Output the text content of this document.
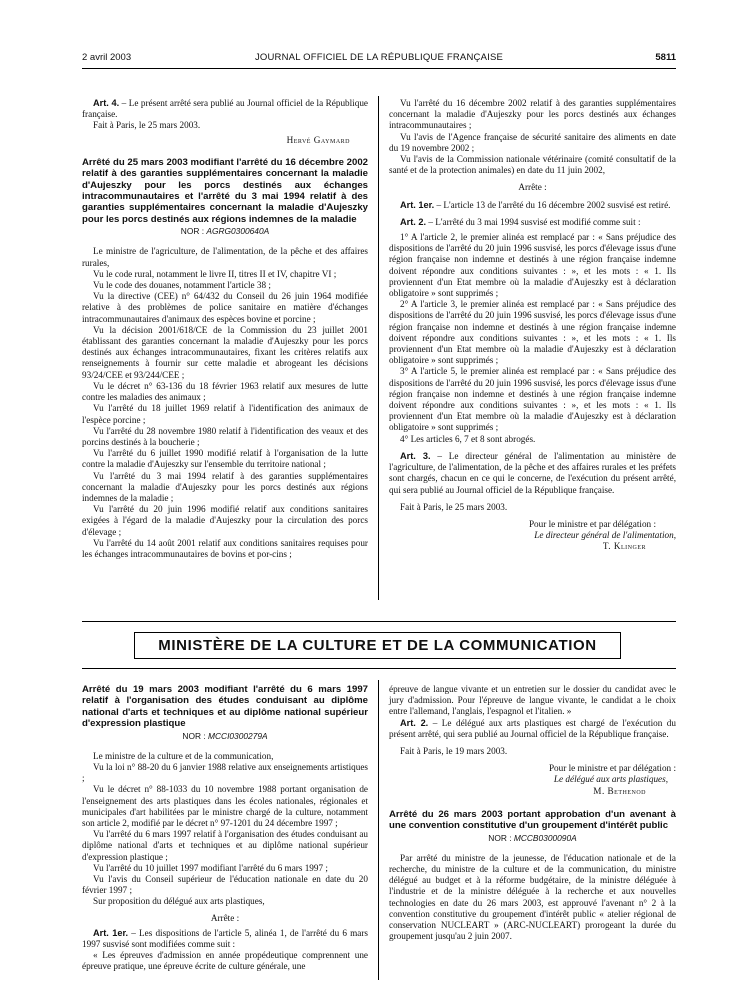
2 avril 2003	JOURNAL OFFICIEL DE LA RÉPUBLIQUE FRANÇAISE	5811

Art. 4. – Le présent arrêté sera publié au Journal officiel de la République française.

Fait à Paris, le 25 mars 2003.

Hervé Gaymard

Arrêté du 25 mars 2003 modifiant l'arrêté du 16 décembre 2002 relatif à des garanties supplémentaires concernant la maladie d'Aujeszky pour les porcs destinés aux échanges intracommunautaires et l'arrêté du 3 mai 1994 relatif à des garanties supplémentaires concernant la maladie d'Aujeszky pour les porcs destinés aux régions indemnes de la maladie
NOR : AGRG0300640A

Le ministre de l'agriculture, de l'alimentation, de la pêche et des affaires rurales,

Vu le code rural, notamment le livre II, titres II et IV, chapitre VI ;

Vu le code des douanes, notamment l'article 38 ;

Vu la directive (CEE) n° 64/432 du Conseil du 26 juin 1964 modifiée relative à des problèmes de police sanitaire en matière d'échanges intracommunautaires d'animaux des espèces bovine et porcine ;

Vu la décision 2001/618/CE de la Commission du 23 juillet 2001 établissant des garanties concernant la maladie d'Aujeszky pour les porcs destinés aux échanges intracommunautaires, fixant les critères relatifs aux renseignements à fournir sur cette maladie et abrogeant les décisions 93/24/CEE et 93/244/CEE ;

Vu le décret n° 63-136 du 18 février 1963 relatif aux mesures de lutte contre les maladies des animaux ;

Vu l'arrêté du 18 juillet 1969 relatif à l'identification des animaux de l'espèce porcine ;

Vu l'arrêté du 28 novembre 1980 relatif à l'identification des veaux et des porcins destinés à la boucherie ;

Vu l'arrêté du 6 juillet 1990 modifié relatif à l'organisation de la lutte contre la maladie d'Aujeszky sur l'ensemble du territoire national ;

Vu l'arrêté du 3 mai 1994 relatif à des garanties supplémentaires concernant la maladie d'Aujeszky pour les porcs destinés aux régions indemnes de la maladie ;

Vu l'arrêté du 20 juin 1996 modifié relatif aux conditions sanitaires exigées à l'égard de la maladie d'Aujeszky pour la circulation des porcs d'élevage ;

Vu l'arrêté du 14 août 2001 relatif aux conditions sanitaires requises pour les échanges intracommunautaires de bovins et por-cins ;

Vu l'arrêté du 16 décembre 2002 relatif à des garanties supplémentaires concernant la maladie d'Aujeszky pour les porcs destinés aux échanges intracommunautaires ;

Vu l'avis de l'Agence française de sécurité sanitaire des aliments en date du 19 novembre 2002 ;

Vu l'avis de la Commission nationale vétérinaire (comité consultatif de la santé et de la protection animales) en date du 11 juin 2002,

Arrête :

Art. 1er. – L'article 13 de l'arrêté du 16 décembre 2002 susvisé est retiré.

Art. 2. – L'arrêté du 3 mai 1994 susvisé est modifié comme suit :

1° A l'article 2, le premier alinéa est remplacé par : « Sans préjudice des dispositions de l'arrêté du 20 juin 1996 susvisé, les porcs d'élevage issus d'une région française non indemne et destinés à une région française indemne doivent répondre aux conditions suivantes : », et les mots : « 1. Ils proviennent d'un Etat membre où la maladie d'Aujeszky est à déclaration obligatoire » sont supprimés ;

2° A l'article 3, le premier alinéa est remplacé par : « Sans préjudice des dispositions de l'arrêté du 20 juin 1996 susvisé, les porcs d'élevage issus d'une région française non indemne et destinés à une région française indemne doivent répondre aux conditions suivantes : », et les mots : « 1. Ils proviennent d'un Etat membre où la maladie d'Aujeszky est à déclaration obligatoire » sont supprimés ;

3° A l'article 5, le premier alinéa est remplacé par : « Sans préjudice des dispositions de l'arrêté du 20 juin 1996 susvisé, les porcs d'élevage issus d'une région française non indemne et destinés à une région française indemne doivent répondre aux conditions suivantes : », et les mots : « 1. Ils proviennent d'un Etat membre où la maladie d'Aujeszky est à déclaration obligatoire » sont supprimés ;

4° Les articles 6, 7 et 8 sont abrogés.

Art. 3. – Le directeur général de l'alimentation au ministère de l'agriculture, de l'alimentation, de la pêche et des affaires rurales et les préfets sont chargés, chacun en ce qui le concerne, de l'exécution du présent arrêté, qui sera publié au Journal officiel de la République française.

Fait à Paris, le 25 mars 2003.

Pour le ministre et par délégation :

Le directeur général de l'alimentation,

T. Klinger

MINISTÈRE DE LA CULTURE ET DE LA COMMUNICATION
Arrêté du 19 mars 2003 modifiant l'arrêté du 6 mars 1997 relatif à l'organisation des études conduisant au diplôme national d'arts et techniques et au diplôme national supérieur d'expression plastique
NOR : MCCI0300279A

Le ministre de la culture et de la communication,

Vu la loi n° 88-20 du 6 janvier 1988 relative aux enseignements artistiques ;

Vu le décret n° 88-1033 du 10 novembre 1988 portant organisation de l'enseignement des arts plastiques dans les écoles nationales, régionales et municipales d'art habilitées par le ministre chargé de la culture, notamment son article 2, modifié par le décret n° 97-1201 du 24 décembre 1997 ;

Vu l'arrêté du 6 mars 1997 relatif à l'organisation des études conduisant au diplôme national d'arts et techniques et au diplôme national supérieur d'expression plastique ;

Vu l'arrêté du 10 juillet 1997 modifiant l'arrêté du 6 mars 1997 ;

Vu l'avis du Conseil supérieur de l'éducation nationale en date du 20 février 1997 ;

Sur proposition du délégué aux arts plastiques,

Arrête :

Art. 1er. – Les dispositions de l'article 5, alinéa 1, de l'arrêté du 6 mars 1997 susvisé sont modifiées comme suit :

« Les épreuves d'admission en année propédeutique comprennent une épreuve pratique, une épreuve écrite de culture générale, une

épreuve de langue vivante et un entretien sur le dossier du candidat avec le jury d'admission. Pour l'épreuve de langue vivante, le candidat a le choix entre l'allemand, l'anglais, l'espagnol et l'italien. »

Art. 2. – Le délégué aux arts plastiques est chargé de l'exécution du présent arrêté, qui sera publié au Journal officiel de la République française.

Fait à Paris, le 19 mars 2003.

Pour le ministre et par délégation :

Le délégué aux arts plastiques,

M. Bethenod

Arrêté du 26 mars 2003 portant approbation d'un avenant à une convention constitutive d'un groupement d'intérêt public
NOR : MCCB0300090A

Par arrêté du ministre de la jeunesse, de l'éducation nationale et de la recherche, du ministre de la culture et de la communication, du ministre délégué au budget et à la réforme budgétaire, de la ministre déléguée à l'industrie et de la ministre déléguée à la recherche et aux nouvelles technologies en date du 26 mars 2003, est approuvé l'avenant n° 2 à la convention constitutive du groupement d'intérêt public « atelier régional de conservation NUCLEART » (ARC-NUCLEART) prorogeant la durée du groupement jusqu'au 2 juin 2007.
